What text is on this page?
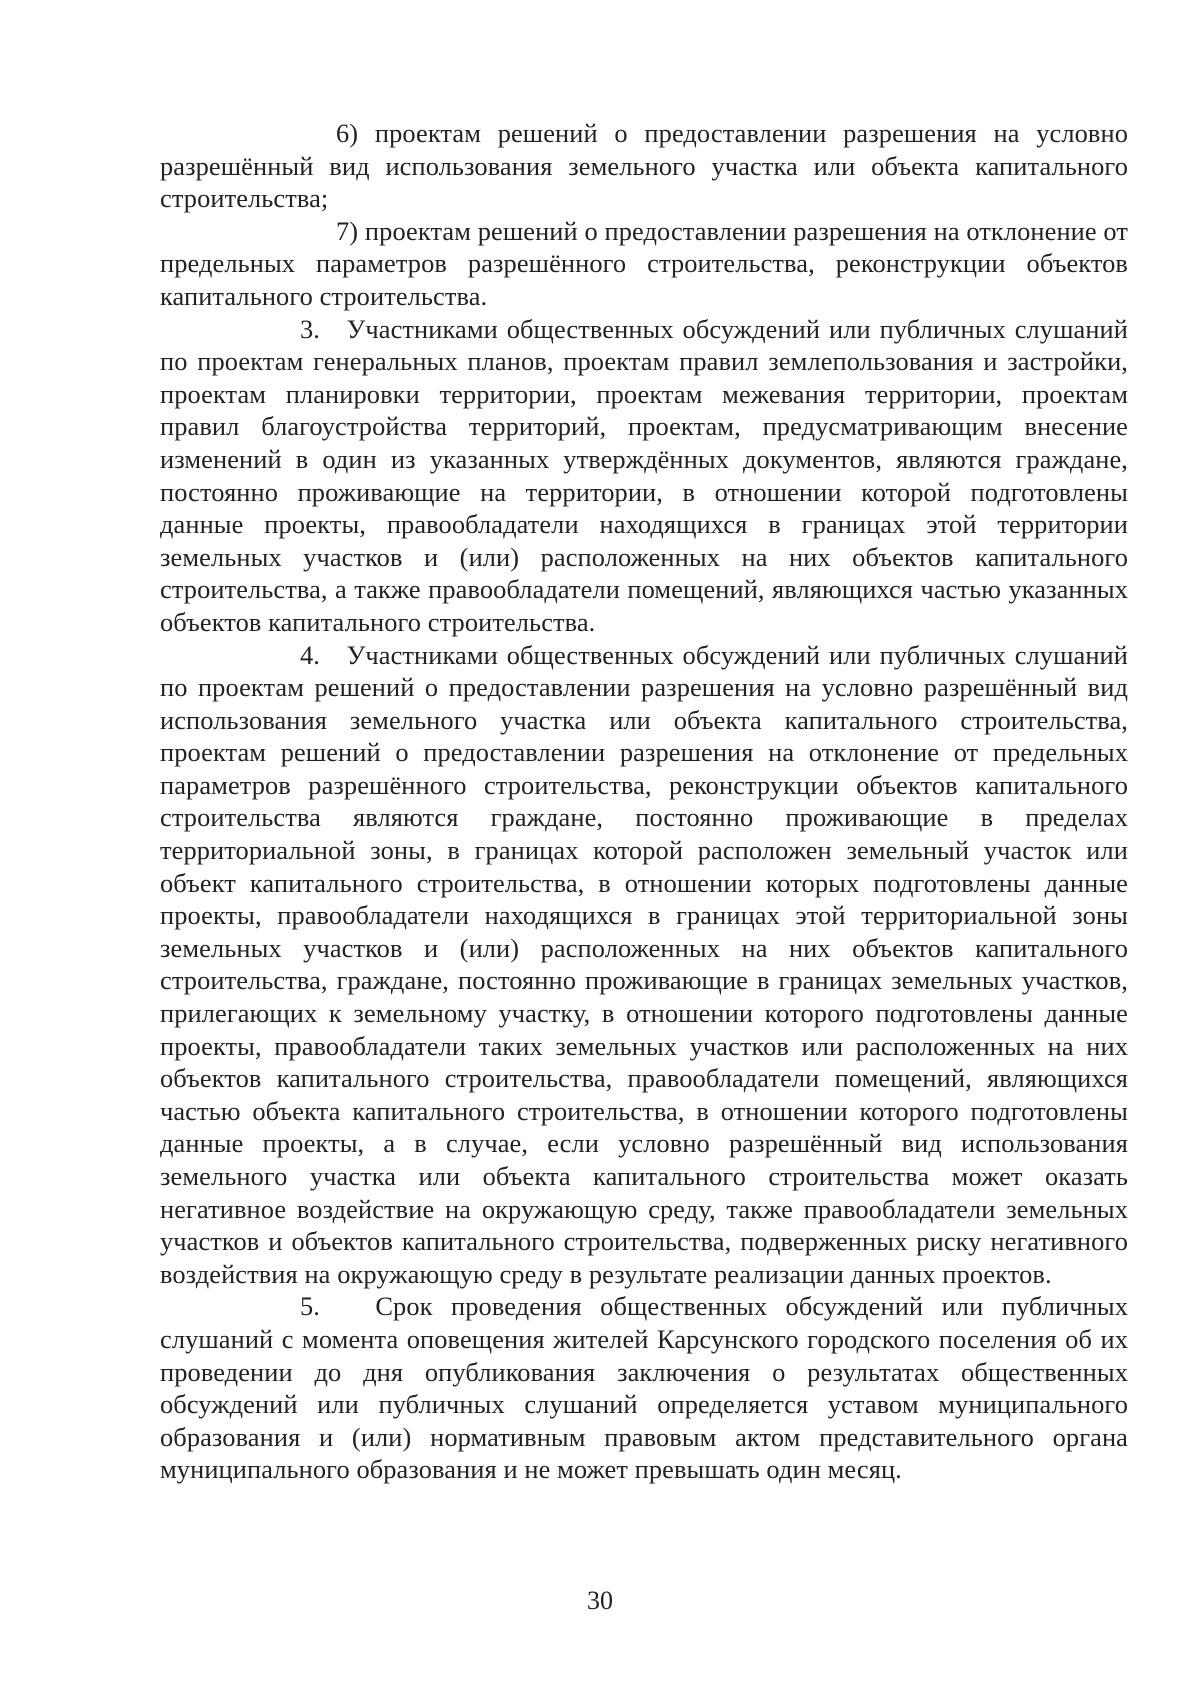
6) проектам решений о предоставлении разрешения на условно разрешённый вид использования земельного участка или объекта капитального строительства;

7) проектам решений о предоставлении разрешения на отклонение от предельных параметров разрешённого строительства, реконструкции объектов капитального строительства.

3. Участниками общественных обсуждений или публичных слушаний по проектам генеральных планов, проектам правил землепользования и застройки, проектам планировки территории, проектам межевания территории, проектам правил благоустройства территорий, проектам, предусматривающим внесение изменений в один из указанных утверждённых документов, являются граждане, постоянно проживающие на территории, в отношении которой подготовлены данные проекты, правообладатели находящихся в границах этой территории земельных участков и (или) расположенных на них объектов капитального строительства, а также правообладатели помещений, являющихся частью указанных объектов капитального строительства.

4. Участниками общественных обсуждений или публичных слушаний по проектам решений о предоставлении разрешения на условно разрешённый вид использования земельного участка или объекта капитального строительства, проектам решений о предоставлении разрешения на отклонение от предельных параметров разрешённого строительства, реконструкции объектов капитального строительства являются граждане, постоянно проживающие в пределах территориальной зоны, в границах которой расположен земельный участок или объект капитального строительства, в отношении которых подготовлены данные проекты, правообладатели находящихся в границах этой территориальной зоны земельных участков и (или) расположенных на них объектов капитального строительства, граждане, постоянно проживающие в границах земельных участков, прилегающих к земельному участку, в отношении которого подготовлены данные проекты, правообладатели таких земельных участков или расположенных на них объектов капитального строительства, правообладатели помещений, являющихся частью объекта капитального строительства, в отношении которого подготовлены данные проекты, а в случае, если условно разрешённый вид использования земельного участка или объекта капитального строительства может оказать негативное воздействие на окружающую среду, также правообладатели земельных участков и объектов капитального строительства, подверженных риску негативного воздействия на окружающую среду в результате реализации данных проектов.

5. Срок проведения общественных обсуждений или публичных слушаний с момента оповещения жителей Карсунского городского поселения об их проведении до дня опубликования заключения о результатах общественных обсуждений или публичных слушаний определяется уставом муниципального образования и (или) нормативным правовым актом представительного органа муниципального образования и не может превышать один месяц.

30
